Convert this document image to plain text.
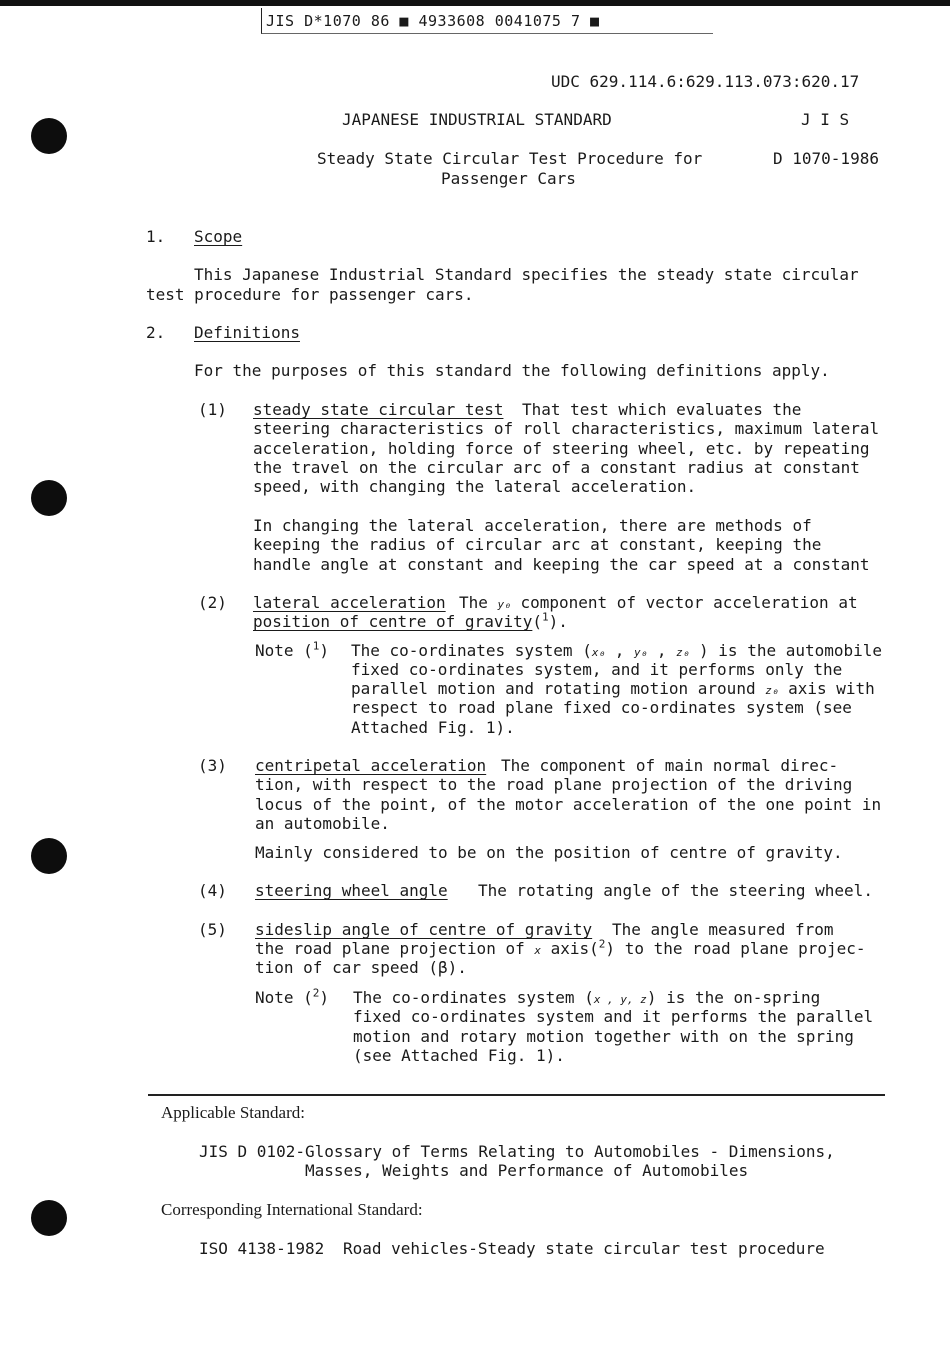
JIS D*1070 86 ■ 4933608 0041075 7 ■
UDC 629.114.6:629.113.073:620.17
JAPANESE INDUSTRIAL STANDARD	J I S
Steady State Circular Test Procedure for
Passenger Cars
D 1070-1986
1. Scope
This Japanese Industrial Standard specifies the steady state circular
test procedure for passenger cars.
2. Definitions
For the purposes of this standard the following definitions apply.
(1) steady state circular test That test which evaluates the
steering characteristics of roll characteristics, maximum lateral
acceleration, holding force of steering wheel, etc. by repeating
the travel on the circular arc of a constant radius at constant
speed, with changing the lateral acceleration.
In changing the lateral acceleration, there are methods of
keeping the radius of circular arc at constant, keeping the
handle angle at constant and keeping the car speed at a constant
(2) lateral acceleration The y₀ component of vector acceleration at
position of centre of gravity($^1$).
Note ($^1$) The co-ordinates system (x₀ , y₀ , z₀ ) is the automobile
fixed co-ordinates system, and it performs only the
parallel motion and rotating motion around z₀ axis with
respect to road plane fixed co-ordinates system (see
Attached Fig. 1).
(3) centripetal acceleration The component of main normal direc-
tion, with respect to the road plane projection of the driving
locus of the point, of the motor acceleration of the one point in
an automobile.
Mainly considered to be on the position of centre of gravity.
(4) steering wheel angle The rotating angle of the steering wheel.
(5) sideslip angle of centre of gravity The angle measured from
the road plane projection of x axis($^2$) to the road plane projec-
tion of car speed (β).
Note ($^2$) The co-ordinates system (x , y, z) is the on-spring
fixed co-ordinates system and it performs the parallel
motion and rotary motion together with on the spring
(see Attached Fig. 1).
Applicable Standard:
JIS D 0102-Glossary of Terms Relating to Automobiles - Dimensions,
Masses, Weights and Performance of Automobiles
Corresponding International Standard:
ISO 4138-1982 Road vehicles-Steady state circular test procedure
